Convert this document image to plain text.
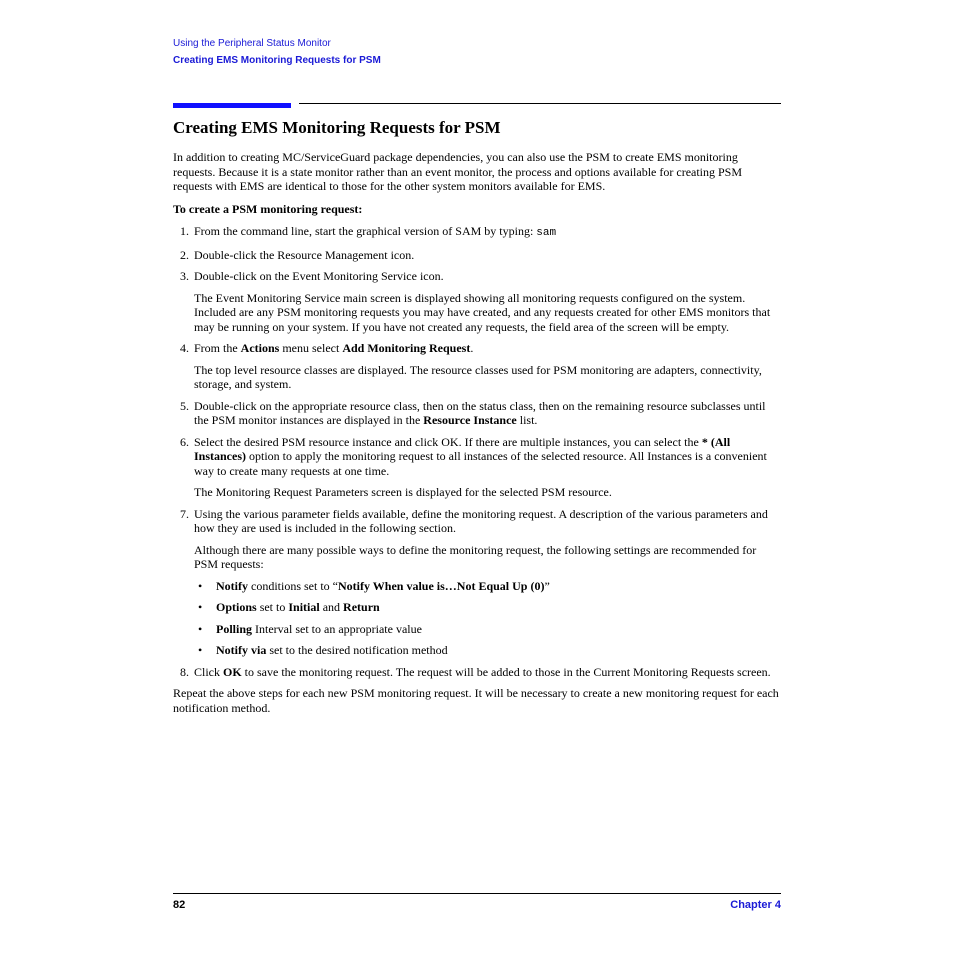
Using the Peripheral Status Monitor
Creating EMS Monitoring Requests for PSM
Creating EMS Monitoring Requests for PSM

In addition to creating MC/ServiceGuard package dependencies, you can also use the PSM to create EMS monitoring requests. Because it is a state monitor rather than an event monitor, the process and options available for creating PSM requests with EMS are identical to those for the other system monitors available for EMS.

To create a PSM monitoring request:

1. From the command line, start the graphical version of SAM by typing: sam
2. Double-click the Resource Management icon.
3. Double-click on the Event Monitoring Service icon.

The Event Monitoring Service main screen is displayed showing all monitoring requests configured on the system. Included are any PSM monitoring requests you may have created, and any requests created for other EMS monitors that may be running on your system. If you have not created any requests, the field area of the screen will be empty.

4. From the Actions menu select Add Monitoring Request.

The top level resource classes are displayed. The resource classes used for PSM monitoring are adapters, connectivity, storage, and system.

5. Double-click on the appropriate resource class, then on the status class, then on the remaining resource subclasses until the PSM monitor instances are displayed in the Resource Instance list.
6. Select the desired PSM resource instance and click OK. If there are multiple instances, you can select the * (All Instances) option to apply the monitoring request to all instances of the selected resource. All Instances is a convenient way to create many requests at one time.

The Monitoring Request Parameters screen is displayed for the selected PSM resource.

7. Using the various parameter fields available, define the monitoring request. A description of the various parameters and how they are used is included in the following section.

Although there are many possible ways to define the monitoring request, the following settings are recommended for PSM requests:

•	Notify conditions set to “Notify When value is…Not Equal Up (0)”
•	Options set to Initial and Return
•	Polling Interval set to an appropriate value
•	Notify via set to the desired notification method
8. Click OK to save the monitoring request. The request will be added to those in the Current Monitoring Requests screen.

Repeat the above steps for each new PSM monitoring request. It will be necessary to create a new monitoring request for each notification method.

82	Chapter 4
